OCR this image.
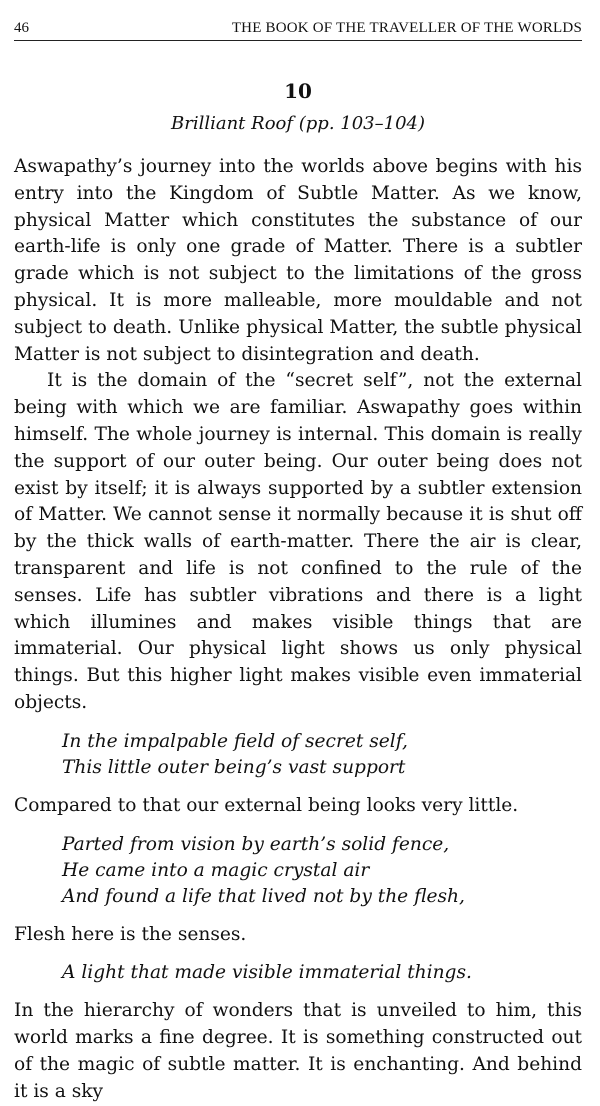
46	THE BOOK OF THE TRAVELLER OF THE WORLDS
10
Brilliant Roof (pp. 103–104)

Aswapathy’s journey into the worlds above begins with his entry into the Kingdom of Subtle Matter. As we know, physical Matter which constitutes the substance of our earth-life is only one grade of Matter. There is a subtler grade which is not subject to the limitations of the gross physical. It is more malleable, more mouldable and not subject to death. Unlike physical Matter, the subtle physical Matter is not subject to disintegration and death.

It is the domain of the “secret self”, not the external being with which we are familiar. Aswapathy goes within himself. The whole journey is internal. This domain is really the support of our outer being. Our outer being does not exist by itself; it is always supported by a subtler extension of Matter. We cannot sense it normally because it is shut off by the thick walls of earth-matter. There the air is clear, transparent and life is not confined to the rule of the senses. Life has subtler vibrations and there is a light which illumines and makes visible things that are immaterial. Our physical light shows us only physical things. But this higher light makes visible even immaterial objects.

In the impalpable field of secret self,
This little outer being’s vast support

Compared to that our external being looks very little.

Parted from vision by earth’s solid fence,
He came into a magic crystal air
And found a life that lived not by the flesh,

Flesh here is the senses.

A light that made visible immaterial things.

In the hierarchy of wonders that is unveiled to him, this world marks a fine degree. It is something constructed out of the magic of subtle matter. It is enchanting. And behind it is a sky
